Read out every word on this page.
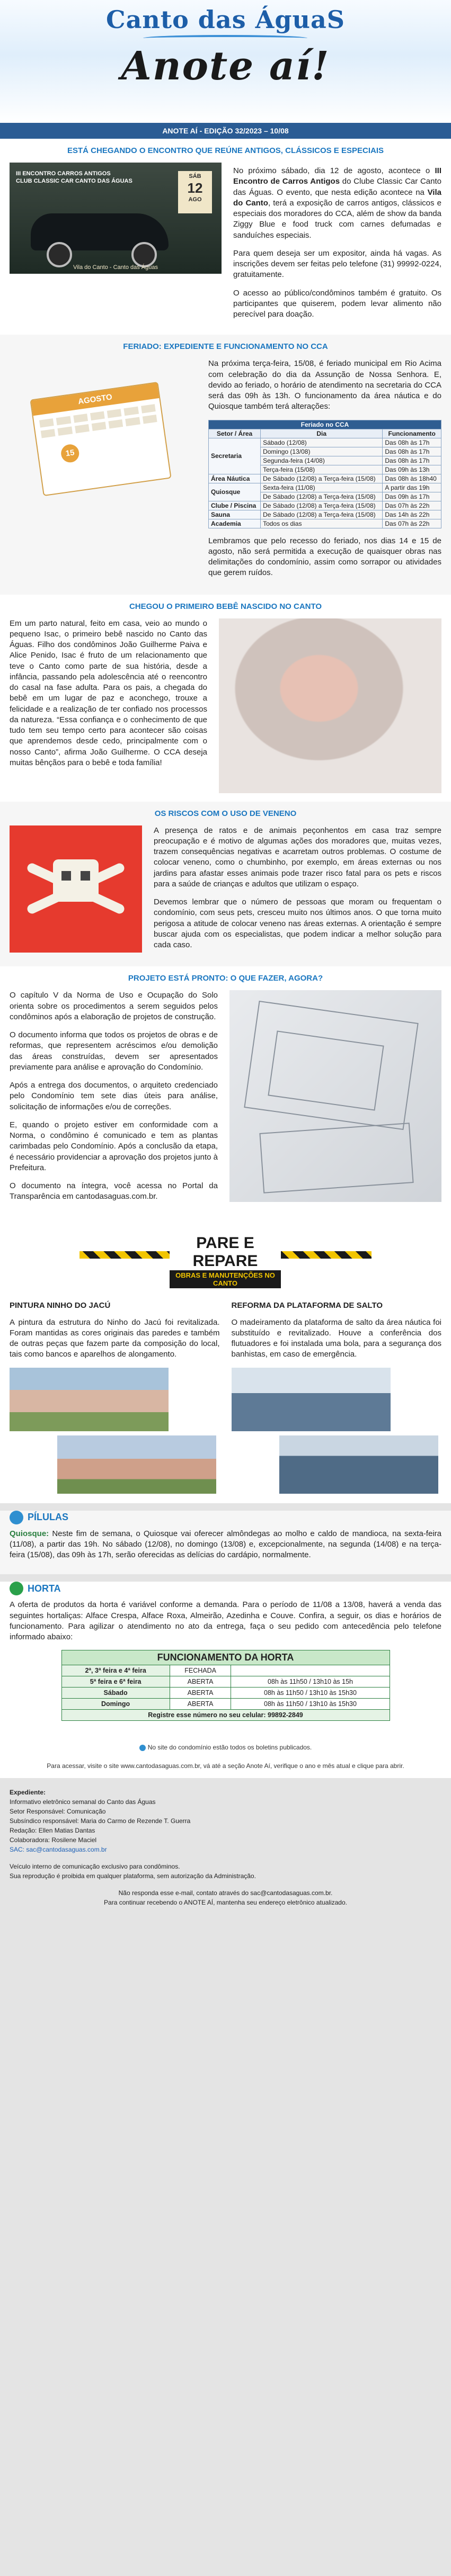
Canto das ÁguaS
Anote aí!
ANOTE AÍ - EDIÇÃO 32/2023 – 10/08
ESTÁ CHEGANDO O ENCONTRO QUE REÚNE ANTIGOS, CLÁSSICOS E ESPECIAIS
III ENCONTRO CARROS ANTIGOS
CLUB CLASSIC CAR CANTO DAS ÁGUAS
SÁB
12
AGO
Vila do Canto - Canto das Águas

No próximo sábado, dia 12 de agosto, acontece o III Encontro de Carros Antigos do Clube Classic Car Canto das Águas. O evento, que nesta edição acontece na Vila do Canto, terá a exposição de carros antigos, clássicos e especiais dos moradores do CCA, além de show da banda Ziggy Blue e food truck com carnes defumadas e sanduíches especiais.

Para quem deseja ser um expositor, ainda há vagas. As inscrições devem ser feitas pelo telefone (31) 99992-0224, gratuitamente.

O acesso ao público/condôminos também é gratuito. Os participantes que quiserem, podem levar alimento não perecível para doação.

FERIADO: EXPEDIENTE E FUNCIONAMENTO NO CCA
AGOSTO
15

Na próxima terça-feira, 15/08, é feriado municipal em Rio Acima com celebração do dia da Assunção de Nossa Senhora. E, devido ao feriado, o horário de atendimento na secretaria do CCA será das 09h às 13h. O funcionamento da área náutica e do Quiosque também terá alterações:

Feriado no CCA		
Setor / Área	Dia	Funcionamento
Secretaria	Sábado (12/08)	Das 08h às 17h
	Domingo (13/08)	Das 08h às 17h
	Segunda-feira (14/08)	Das 08h às 17h
	Terça-feira (15/08)	Das 09h às 13h
Área Náutica	De Sábado (12/08) a Terça-feira (15/08)	Das 08h às 18h40
Quiosque	Sexta-feira (11/08)	A partir das 19h
	De Sábado (12/08) a Terça-feira (15/08)	Das 09h às 17h
Clube / Piscina	De Sábado (12/08) a Terça-feira (15/08)	Das 07h às 22h
Sauna	De Sábado (12/08) a Terça-feira (15/08)	Das 14h às 22h
Academia	Todos os dias	Das 07h às 22h

Lembramos que pelo recesso do feriado, nos dias 14 e 15 de agosto, não será permitida a execução de quaisquer obras nas delimitações do condomínio, assim como sorrapor ou atividades que gerem ruídos.

CHEGOU O PRIMEIRO BEBÊ NASCIDO NO CANTO

Em um parto natural, feito em casa, veio ao mundo o pequeno Isac, o primeiro bebê nascido no Canto das Águas. Filho dos condôminos João Guilherme Paiva e Alice Penido, Isac é fruto de um relacionamento que teve o Canto como parte de sua história, desde a infância, passando pela adolescência até o reencontro do casal na fase adulta. Para os pais, a chegada do bebê em um lugar de paz e aconchego, trouxe a felicidade e a realização de ter confiado nos processos da natureza. “Essa confiança e o conhecimento de que tudo tem seu tempo certo para acontecer são coisas que aprendemos desde cedo, principalmente com o nosso Canto”, afirma João Guilherme. O CCA deseja muitas bênçãos para o bebê e toda família!

OS RISCOS COM O USO DE VENENO

A presença de ratos e de animais peçonhentos em casa traz sempre preocupação e é motivo de algumas ações dos moradores que, muitas vezes, trazem consequências negativas e acarretam outros problemas. O costume de colocar veneno, como o chumbinho, por exemplo, em áreas externas ou nos jardins para afastar esses animais pode trazer risco fatal para os pets e riscos para a saúde de crianças e adultos que utilizam o espaço.

Devemos lembrar que o número de pessoas que moram ou frequentam o condomínio, com seus pets, cresceu muito nos últimos anos. O que torna muito perigosa a atitude de colocar veneno nas áreas externas. A orientação é sempre buscar ajuda com os especialistas, que podem indicar a melhor solução para cada caso.

PROJETO ESTÁ PRONTO: O QUE FAZER, AGORA?

O capítulo V da Norma de Uso e Ocupação do Solo orienta sobre os procedimentos a serem seguidos pelos condôminos após a elaboração de projetos de construção.

O documento informa que todos os projetos de obras e de reformas, que representem acréscimos e/ou demolição das áreas construídas, devem ser apresentados previamente para análise e aprovação do Condomínio.

Após a entrega dos documentos, o arquiteto credenciado pelo Condomínio tem sete dias úteis para análise, solicitação de informações e/ou de correções.

E, quando o projeto estiver em conformidade com a Norma, o condômino é comunicado e tem as plantas carimbadas pelo Condomínio. Após a conclusão da etapa, é necessário providenciar a aprovação dos projetos junto à Prefeitura.

O documento na íntegra, você acessa no Portal da Transparência em cantodasaguas.com.br.

PARE E REPARE
OBRAS E MANUTENÇÕES NO CANTO
PINTURA NINHO DO JACÚ

A pintura da estrutura do Ninho do Jacú foi revitalizada. Foram mantidas as cores originais das paredes e também de outras peças que fazem parte da composição do local, tais como bancos e aparelhos de alongamento.

REFORMA DA PLATAFORMA DE SALTO

O madeiramento da plataforma de salto da área náutica foi substituído e revitalizado. Houve a conferência dos flutuadores e foi instalada uma bola, para a segurança dos banhistas, em caso de emergência.

PÍLULAS

Quiosque: Neste fim de semana, o Quiosque vai oferecer almôndegas ao molho e caldo de mandioca, na sexta-feira (11/08), a partir das 19h. No sábado (12/08), no domingo (13/08) e, excepcionalmente, na segunda (14/08) e na terça-feira (15/08), das 09h às 17h, serão oferecidas as delícias do cardápio, normalmente.

HORTA

A oferta de produtos da horta é variável conforme a demanda. Para o período de 11/08 a 13/08, haverá a venda das seguintes hortaliças: Alface Crespa, Alface Roxa, Almeirão, Azedinha e Couve. Confira, a seguir, os dias e horários de funcionamento. Para agilizar o atendimento no ato da entrega, faça o seu pedido com antecedência pelo telefone informado abaixo:

FUNCIONAMENTO DA HORTA		
2ª, 3ª feira e 4ª feira	FECHADA	
5ª feira e 6ª feira	ABERTA	08h às 11h50 / 13h10 às 15h
Sábado	ABERTA	08h às 11h50 / 13h10 às 15h30
Domingo	ABERTA	08h às 11h50 / 13h10 às 15h30
Registre esse número no seu celular: 99892-2849		
No site do condomínio estão todos os boletins publicados.
Para acessar, visite o site www.cantodasaguas.com.br, vá até a seção Anote Aí, verifique o ano e mês atual e clique para abrir.
Expediente:
Informativo eletrônico semanal do Canto das Águas
Setor Responsável: Comunicação
Subsíndico responsável: Maria do Carmo de Rezende T. Guerra
Redação: Ellen Matias Dantas
Colaboradora: Rosilene Maciel
SAC: sac@cantodasaguas.com.br
Veículo interno de comunicação exclusivo para condôminos.
Sua reprodução é proibida em qualquer plataforma, sem autorização da Administração.
Não responda esse e-mail, contato através do sac@cantodasaguas.com.br.
Para continuar recebendo o ANOTE AÍ, mantenha seu endereço eletrônico atualizado.
